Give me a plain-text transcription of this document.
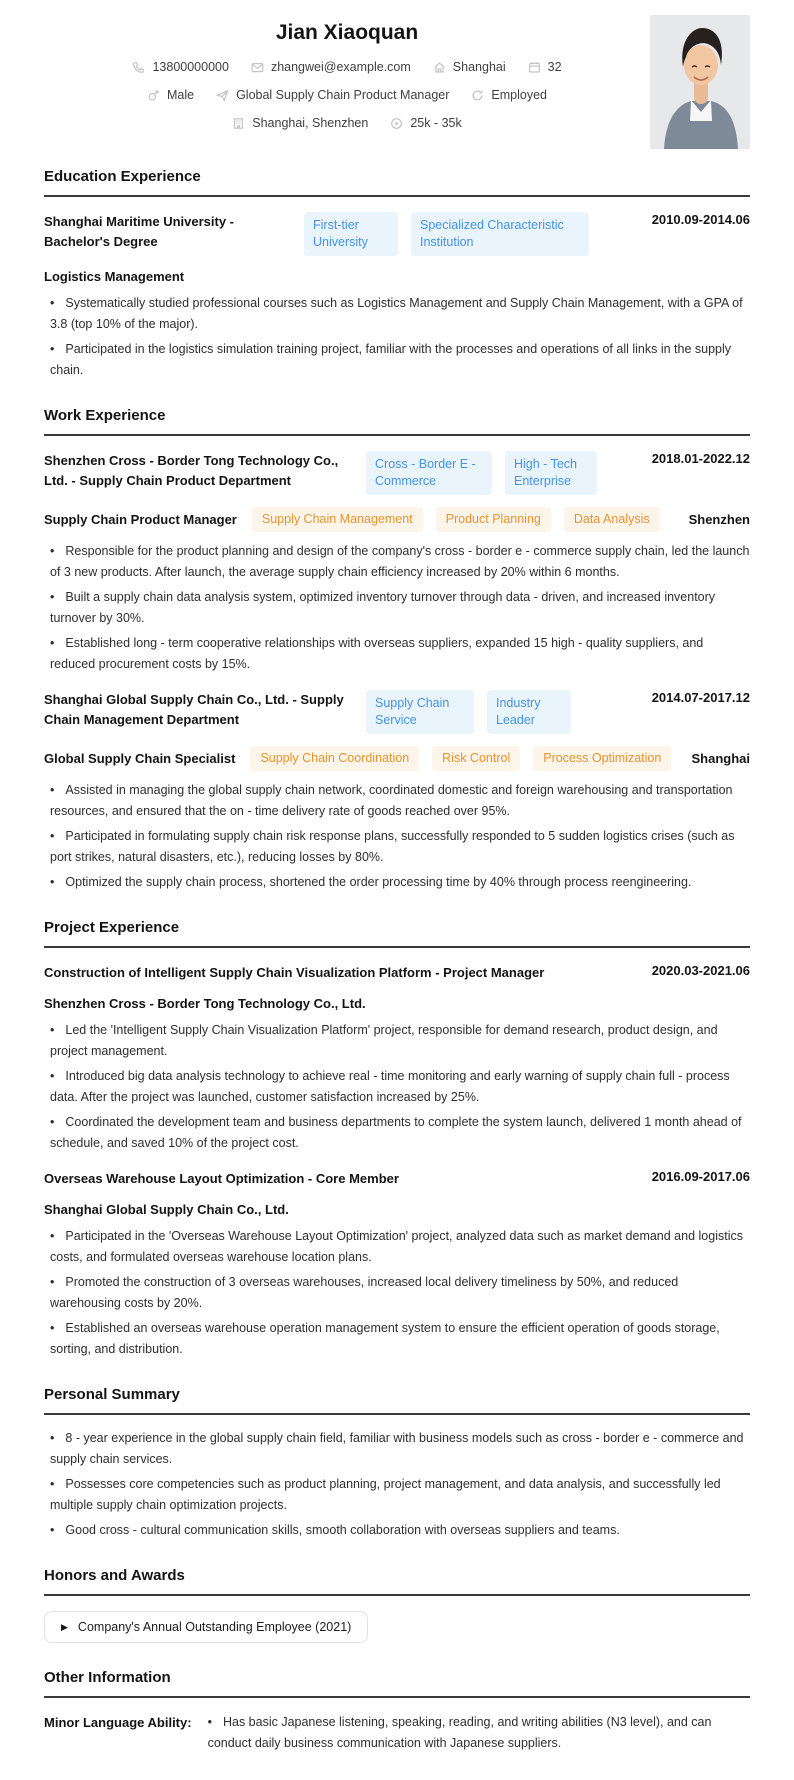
Jian Xiaoquan
13800000000	zhangwei@example.com	Shanghai	32
Male	Global Supply Chain Product Manager	Employed
Shanghai, Shenzhen	25k - 35k
Education Experience
Shanghai Maritime University - Bachelor's Degree
First-tier University
Specialized Characteristic Institution
2010.09-2014.06
Logistics Management

• Systematically studied professional courses such as Logistics Management and Supply Chain Management, with a GPA of 3.8 (top 10% of the major).

• Participated in the logistics simulation training project, familiar with the processes and operations of all links in the supply chain.

Work Experience
Shenzhen Cross - Border Tong Technology Co., Ltd. - Supply Chain Product Department
Cross - Border E - Commerce
High - Tech Enterprise
2018.01-2022.12
Supply Chain Product Manager	Supply Chain Management	Product Planning	Data Analysis	Shenzhen

• Responsible for the product planning and design of the company's cross - border e - commerce supply chain, led the launch of 3 new products. After launch, the average supply chain efficiency increased by 20% within 6 months.

• Built a supply chain data analysis system, optimized inventory turnover through data - driven, and increased inventory turnover by 30%.

• Established long - term cooperative relationships with overseas suppliers, expanded 15 high - quality suppliers, and reduced procurement costs by 15%.

Shanghai Global Supply Chain Co., Ltd. - Supply Chain Management Department
Supply Chain Service
Industry Leader
2014.07-2017.12
Global Supply Chain Specialist	Supply Chain Coordination	Risk Control	Process Optimization	Shanghai

• Assisted in managing the global supply chain network, coordinated domestic and foreign warehousing and transportation resources, and ensured that the on - time delivery rate of goods reached over 95%.

• Participated in formulating supply chain risk response plans, successfully responded to 5 sudden logistics crises (such as port strikes, natural disasters, etc.), reducing losses by 80%.

• Optimized the supply chain process, shortened the order processing time by 40% through process reengineering.

Project Experience
Construction of Intelligent Supply Chain Visualization Platform - Project Manager	2020.03-2021.06
Shenzhen Cross - Border Tong Technology Co., Ltd.

• Led the 'Intelligent Supply Chain Visualization Platform' project, responsible for demand research, product design, and project management.

• Introduced big data analysis technology to achieve real - time monitoring and early warning of supply chain full - process data. After the project was launched, customer satisfaction increased by 25%.

• Coordinated the development team and business departments to complete the system launch, delivered 1 month ahead of schedule, and saved 10% of the project cost.

Overseas Warehouse Layout Optimization - Core Member	2016.09-2017.06
Shanghai Global Supply Chain Co., Ltd.

• Participated in the 'Overseas Warehouse Layout Optimization' project, analyzed data such as market demand and logistics costs, and formulated overseas warehouse location plans.

• Promoted the construction of 3 overseas warehouses, increased local delivery timeliness by 50%, and reduced warehousing costs by 20%.

• Established an overseas warehouse operation management system to ensure the efficient operation of goods storage, sorting, and distribution.

Personal Summary

• 8 - year experience in the global supply chain field, familiar with business models such as cross - border e - commerce and supply chain services.

• Possesses core competencies such as product planning, project management, and data analysis, and successfully led multiple supply chain optimization projects.

• Good cross - cultural communication skills, smooth collaboration with overseas suppliers and teams.

Honors and Awards
▶ Company's Annual Outstanding Employee (2021)
Other Information
Minor Language Ability:	• Has basic Japanese listening, speaking, reading, and writing abilities (N3 level), and can conduct daily business communication with Japanese suppliers.
